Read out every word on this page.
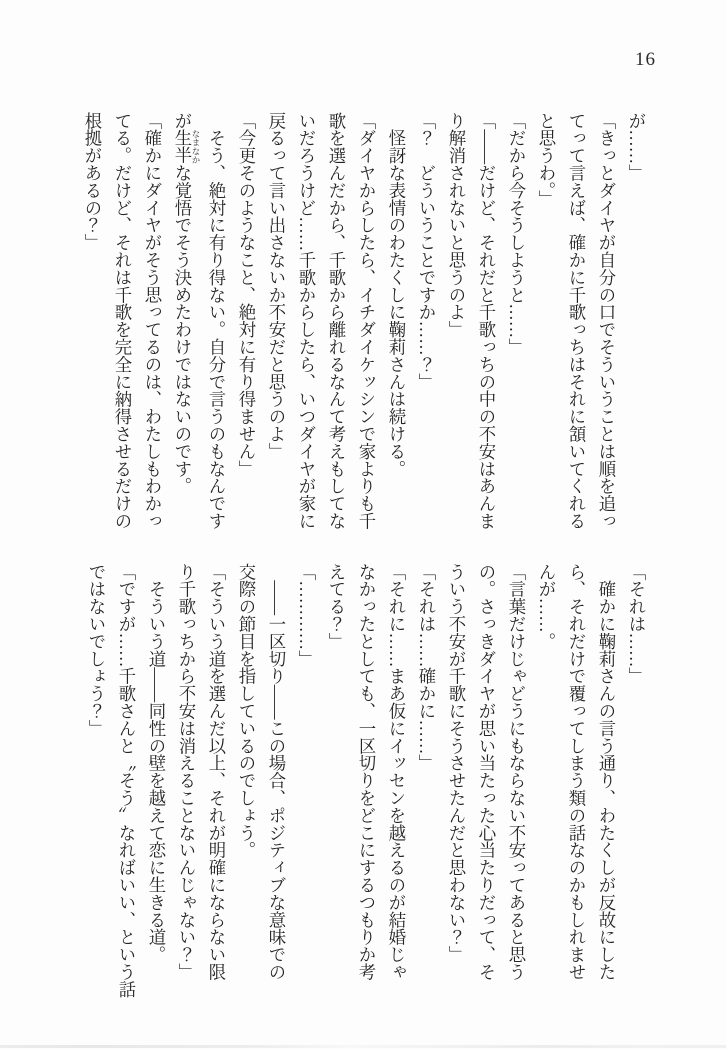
16

が……」

「きっとダイヤが自分の口でそういうことは順を追っ

てって言えば、確かに千歌っちはそれに頷いてくれる

と思うわ。」

「だから今そうしようと……」

「――だけど、それだと千歌っちの中の不安はあんま

り解消されないと思うのよ」

「？　どういうことですか……？」

　怪訝な表情のわたくしに鞠莉さんは続ける。

「ダイヤからしたら、イチダイケッシンで家よりも千

歌を選んだから、千歌から離れるなんて考えもしてな

いだろうけど……千歌からしたら、いつダイヤが家に

戻るって言い出さないか不安だと思うのよ」

「今更そのようなこと、絶対に有り得ません」

　そう、絶対に有り得ない。自分で言うのもなんです

が生半 なまなかな覚悟でそう決めたわけではないのです。

「確かにダイヤがそう思ってるのは、わたしもわかっ

てる。だけど、それは千歌を完全に納得させるだけの

根拠があるの？」

「それは……」

　確かに鞠莉さんの言う通り、わたくしが反故にした

ら、それだけで覆ってしまう類の話なのかもしれませ

んが……。

「言葉だけじゃどうにもならない不安ってあると思う

の。さっきダイヤが思い当たった心当たりだって、そ

ういう不安が千歌にそうさせたんだと思わない？」

「それは……確かに……」

「それに……まあ仮にイッセンを越えるのが結婚じゃ

なかったとしても、一区切りをどこにするつもりか考

えてる？」

「…………」

　――一区切り――この場合、ポジティブな意味での

交際の節目を指しているのでしょう。

「そういう道を選んだ以上、それが明確にならない限

り千歌っちから不安は消えることないんじゃない？」

　そういう道――同性の壁を越えて恋に生きる道。

「ですが……千歌さんと〝そう〟なればいい、という話

ではないでしょう？」
